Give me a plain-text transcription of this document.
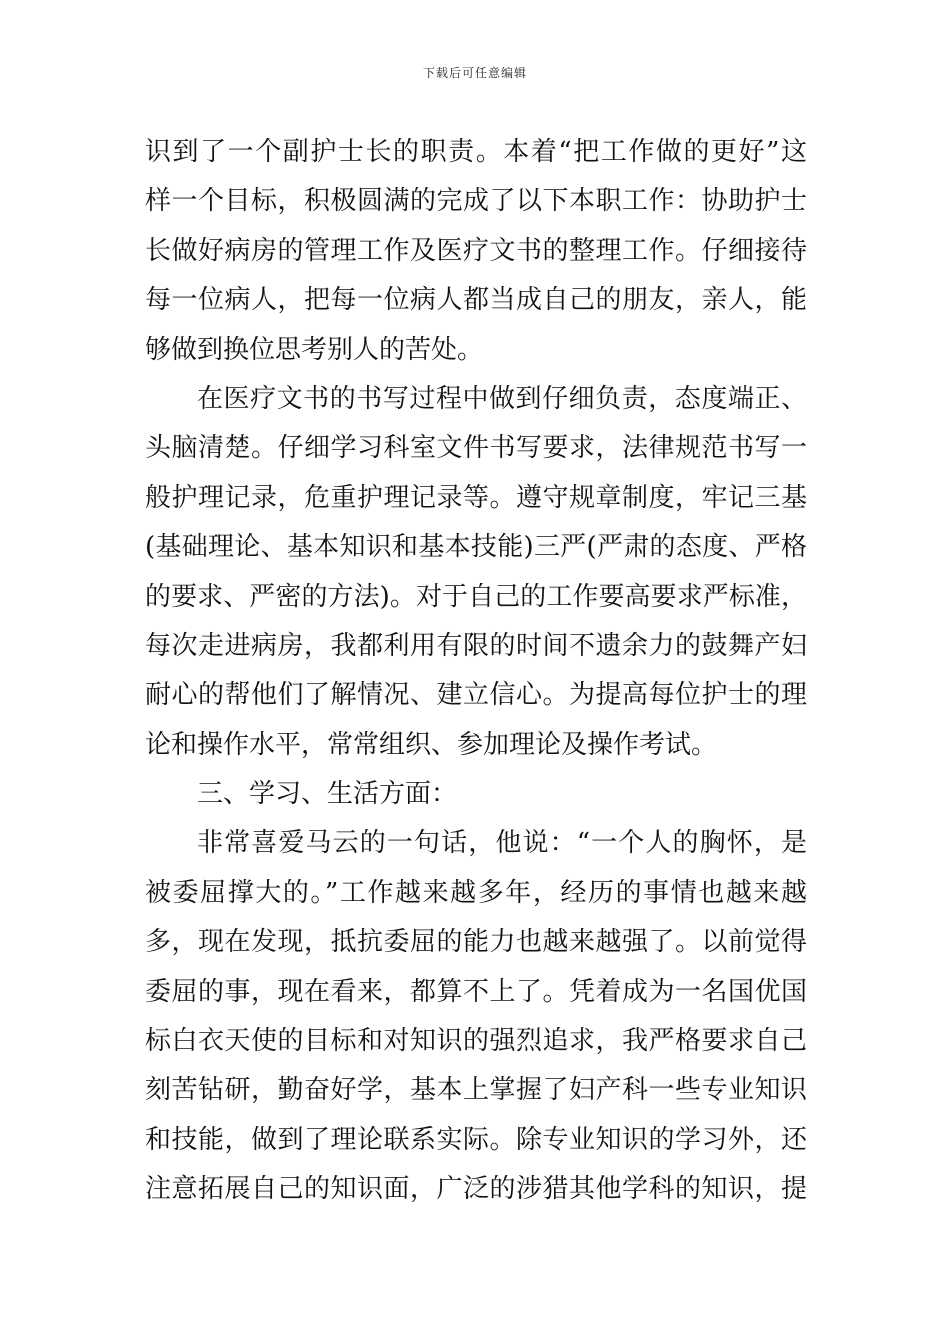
下载后可任意编辑
识到了一个副护士长的职责。本着“把工作做的更好”这
样一个目标，积极圆满的完成了以下本职工作：协助护士
长做好病房的管理工作及医疗文书的整理工作。仔细接待
每一位病人，把每一位病人都当成自己的朋友，亲人，能
够做到换位思考别人的苦处。
在医疗文书的书写过程中做到仔细负责，态度端正、
头脑清楚。仔细学习科室文件书写要求，法律规范书写一
般护理记录，危重护理记录等。遵守规章制度，牢记三基
(基础理论、基本知识和基本技能)三严(严肃的态度、严格
的要求、严密的方法)。对于自己的工作要高要求严标准，
每次走进病房，我都利用有限的时间不遗余力的鼓舞产妇
耐心的帮他们了解情况、建立信心。为提高每位护士的理
论和操作水平，常常组织、参加理论及操作考试。
三、学习、生活方面：
非常喜爱马云的一句话，他说：“一个人的胸怀，是
被委屈撑大的。”工作越来越多年，经历的事情也越来越
多，现在发现，抵抗委屈的能力也越来越强了。以前觉得
委屈的事，现在看来，都算不上了。凭着成为一名国优国
标白衣天使的目标和对知识的强烈追求，我严格要求自己
刻苦钻研，勤奋好学，基本上掌握了妇产科一些专业知识
和技能，做到了理论联系实际。除专业知识的学习外，还
注意拓展自己的知识面，广泛的涉猎其他学科的知识，提
